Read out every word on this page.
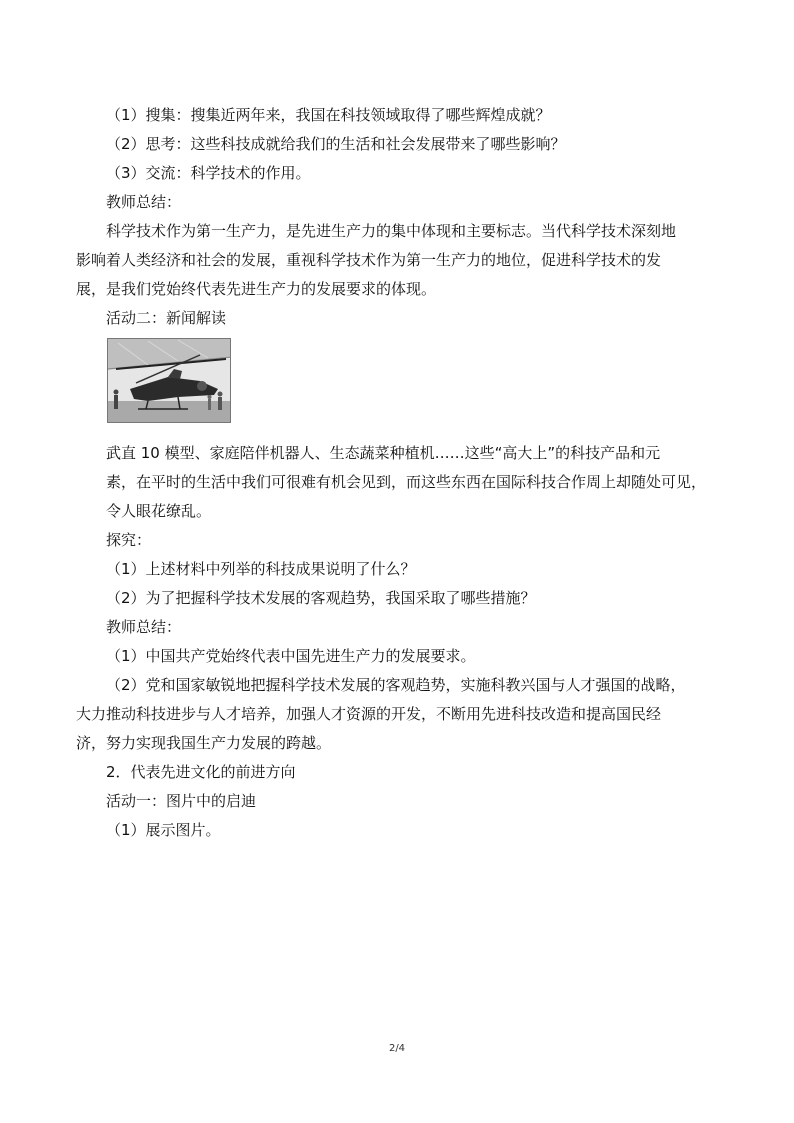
（1）搜集：搜集近两年来，我国在科技领域取得了哪些辉煌成就？
（2）思考：这些科技成就给我们的生活和社会发展带来了哪些影响？
（3）交流：科学技术的作用。
教师总结：
科学技术作为第一生产力，是先进生产力的集中体现和主要标志。当代科学技术深刻地
影响着人类经济和社会的发展，重视科学技术作为第一生产力的地位，促进科学技术的发
展，是我们党始终代表先进生产力的发展要求的体现。
活动二：新闻解读
武直 10 模型、家庭陪伴机器人、生态蔬菜种植机……这些“高大上”的科技产品和元
素，在平时的生活中我们可很难有机会见到，而这些东西在国际科技合作周上却随处可见，
令人眼花缭乱。
探究：
（1）上述材料中列举的科技成果说明了什么？
（2）为了把握科学技术发展的客观趋势，我国采取了哪些措施？
教师总结：
（1）中国共产党始终代表中国先进生产力的发展要求。
（2）党和国家敏锐地把握科学技术发展的客观趋势，实施科教兴国与人才强国的战略，
大力推动科技进步与人才培养，加强人才资源的开发，不断用先进科技改造和提高国民经
济，努力实现我国生产力发展的跨越。
2．代表先进文化的前进方向
活动一：图片中的启迪
（1）展示图片。
2/4
